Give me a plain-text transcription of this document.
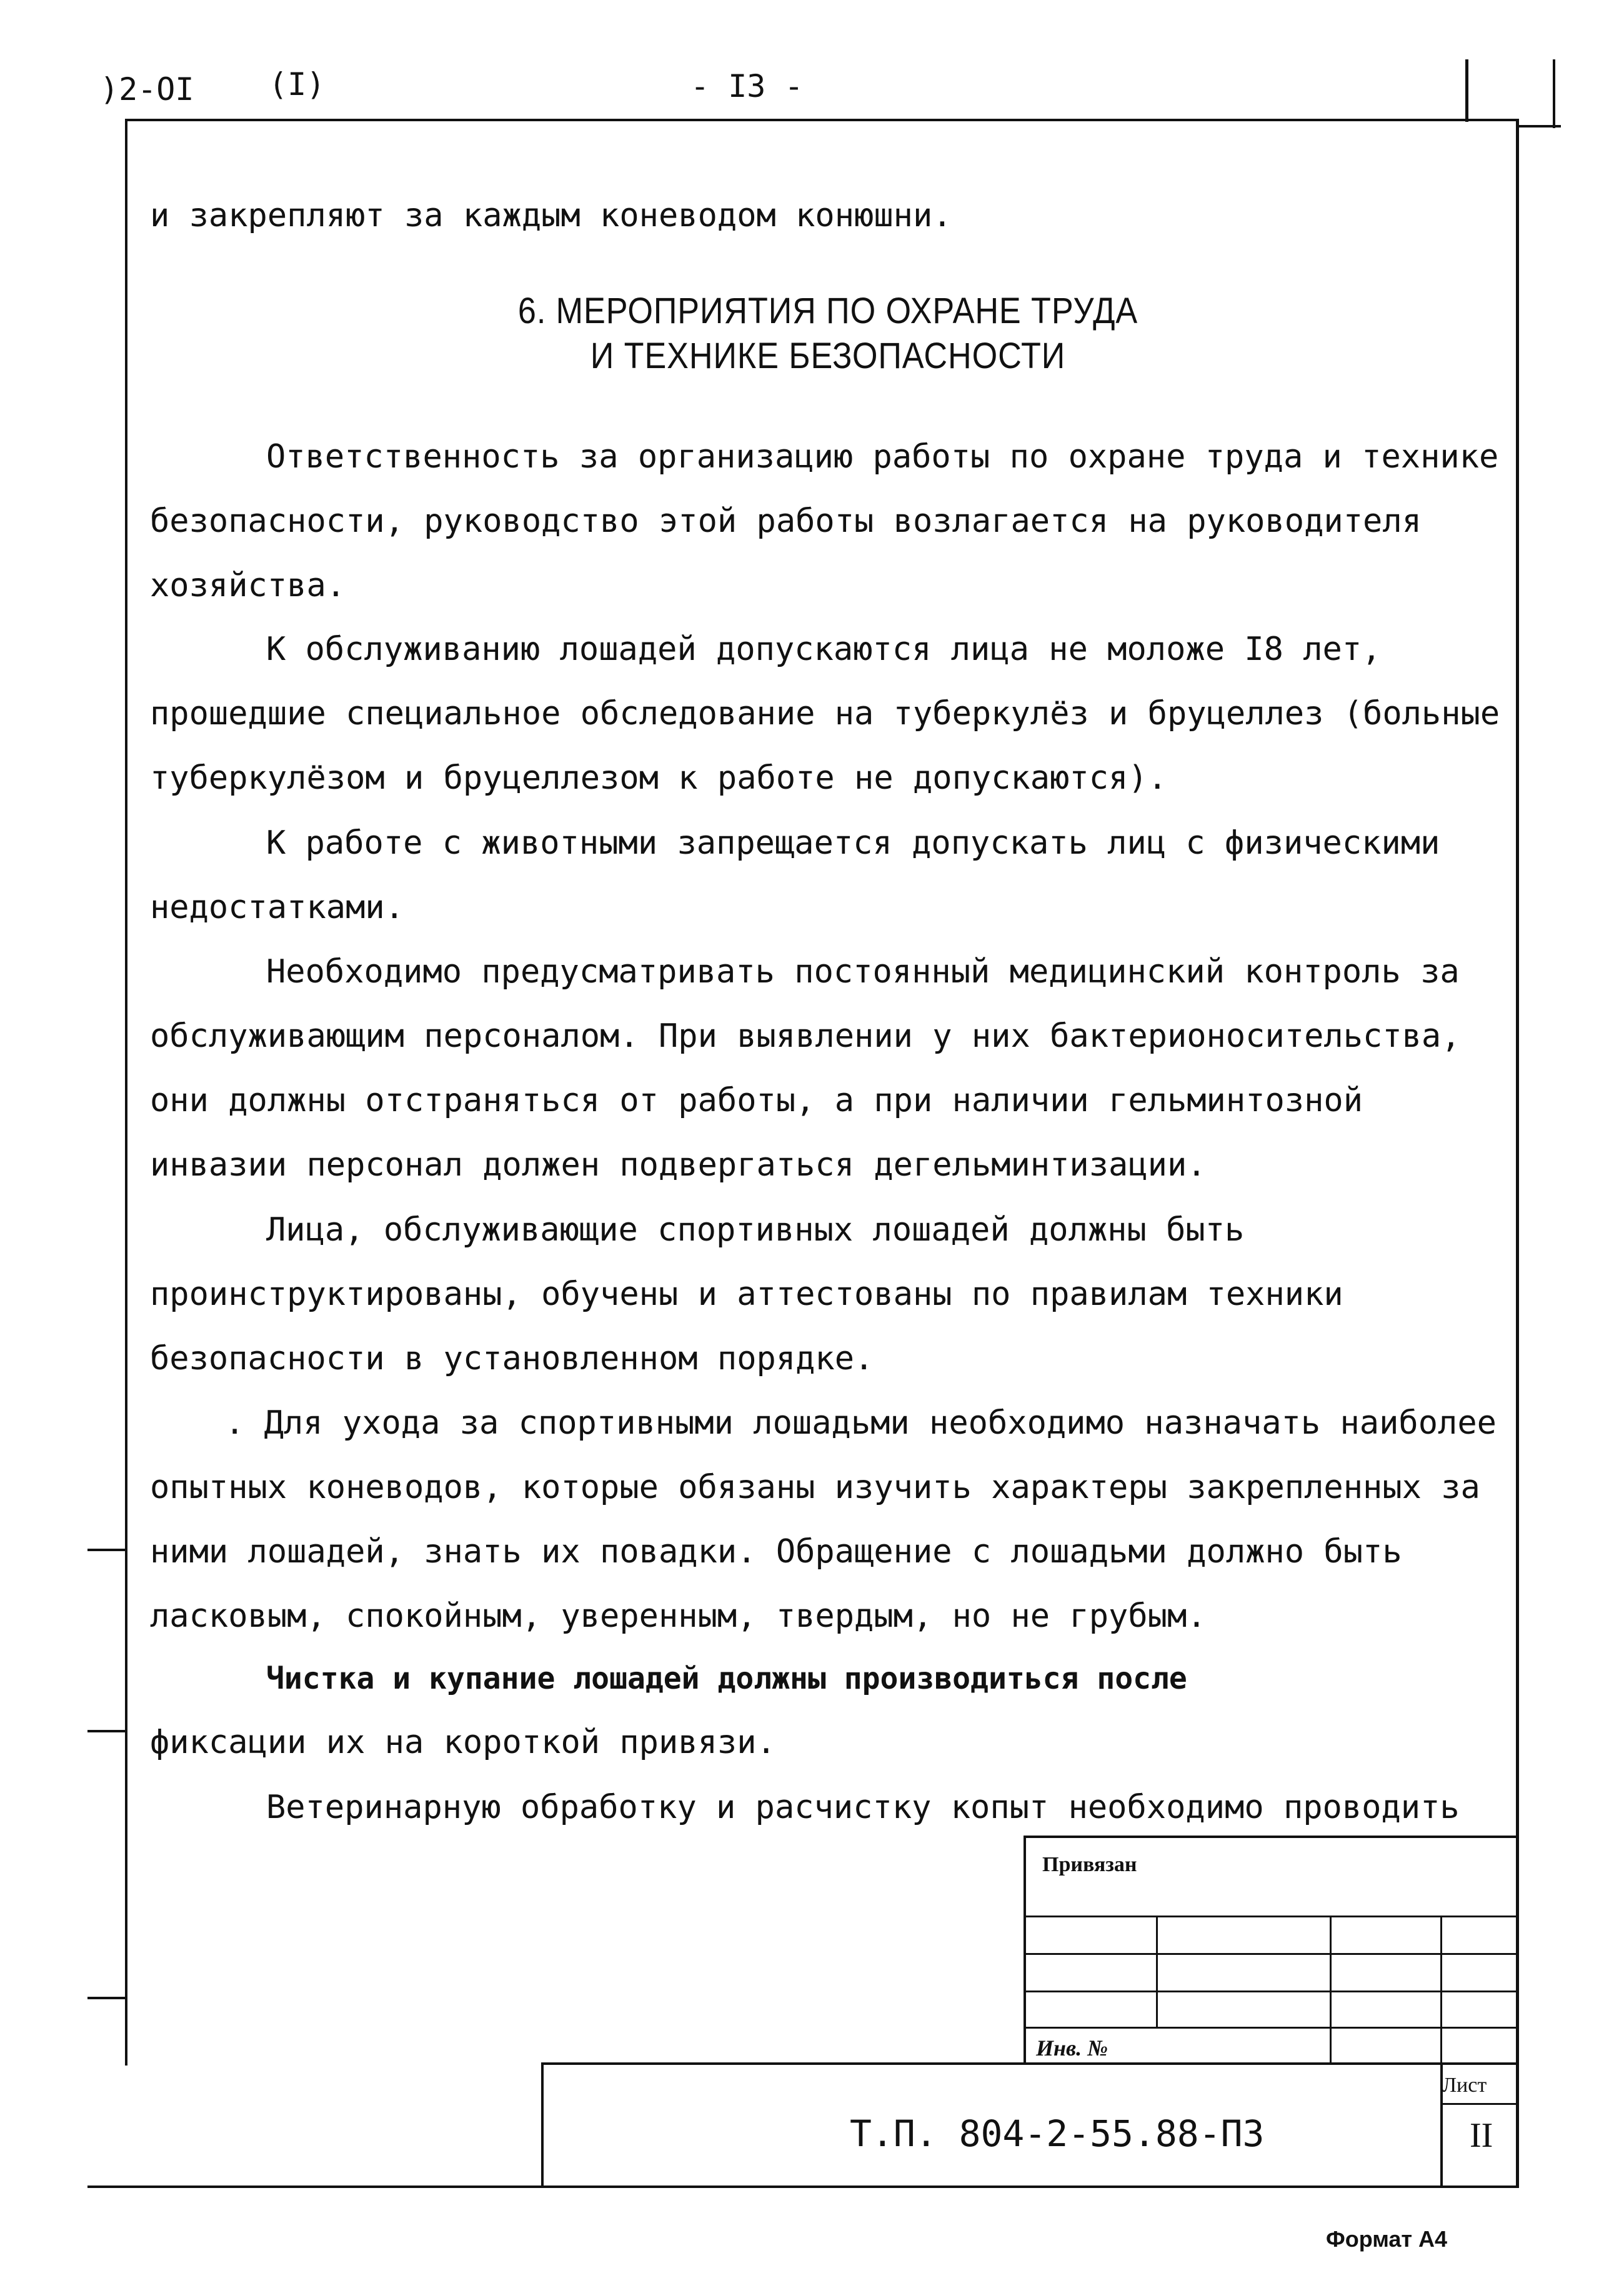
)2-OI (I)	- I3 -
и закрепляют за каждым коневодом конюшни.
6. МЕРОПРИЯТИЯ ПО ОХРАНЕ ТРУДА
И ТЕХНИКЕ БЕЗОПАСНОСТИ
Ответственность за организацию работы по охране труда и технике безопасности, руководство этой работы возлагается на руководителя хозяйства.
К обслуживанию лошадей допускаются лица не моложе I8 лет, прошедшие специальное обследование на туберкулёз и бруцеллез (больные туберкулёзом и бруцеллезом к работе не допускаются).
К работе с животными запрещается допускать лиц с физическими недостатками.
Необходимо предусматривать постоянный медицинский контроль за обслуживающим персоналом. При выявлении у них бактерионосительства, они должны отстраняться от работы, а при наличии гельминтозной инвазии персонал должен подвергаться дегельминтизации.
Лица, обслуживающие спортивных лошадей должны быть проинструктированы, обучены и аттестованы по правилам техники безопасности в установленном порядке.
. Для ухода за спортивными лошадьми необходимо назначать наиболее опытных коневодов, которые обязаны изучить характеры закрепленных за ними лошадей, знать их повадки. Обращение с лошадьми должно быть ласковым, спокойным, уверенным, твердым, но не грубым.
Чистка и купание лошадей должны производиться после
фиксации их на короткой привязи.
Ветеринарную обработку и расчистку копыт необходимо проводить
Привязан
Инв. №
Лист
II
Т.П. 804-2-55.88-ПЗ
Формат А4
